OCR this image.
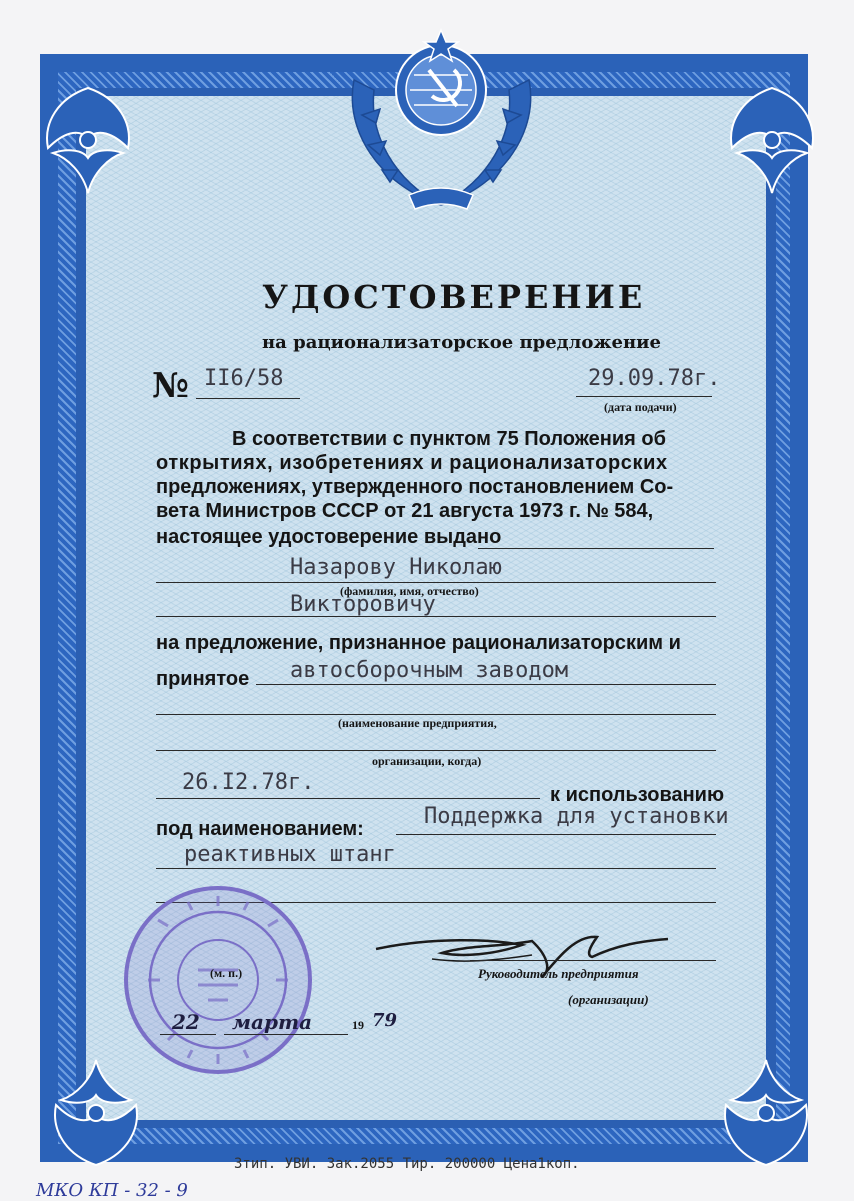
УДОСТОВЕРЕНИЕ
на рационализаторское предложение
№ II6/58	29.09.78г.
(дата подачи)
В соответствии с пунктом 75 Положения об
открытиях, изобретениях и рационализаторских
предложениях, утвержденного постановлением Со-
вета Министров СССР от 21 августа 1973 г. № 584,
настоящее удостоверение выдано
Назарову Николаю
(фамилия, имя, отчество)
Викторовичу
на предложение, признанное рационализаторским и
принятое автосборочным заводом
(наименование предприятия,
организации, когда)
26.I2.78г.	к использованию
под наименованием:	Поддержка для установки
реактивных штанг
(м. п.)	Руководитель предприятия
(организации)
22 марта	19 79
Зтип. УВИ. Зак.2055 Тир. 200000 Цена1коп.
МКО КП - 32 - 9
